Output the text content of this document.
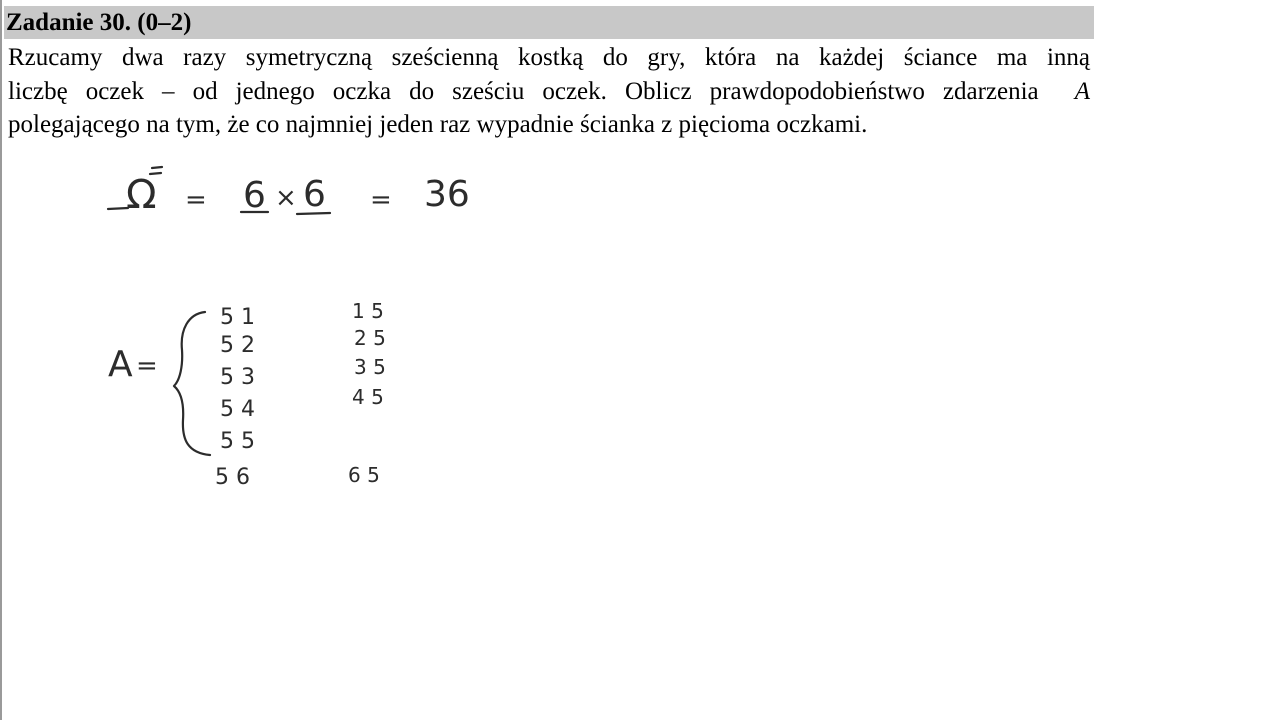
Zadanie 30. (0–2)

Rzucamy dwa razy symetryczną sześcienną kostką do gry, która na każdej ściance ma inną
liczbę oczek – od jednego oczka do sześciu oczek. Oblicz prawdopodobieństwo zdarzenia A
polegającego na tym, że co najmniej jeden raz wypadnie ścianka z pięcioma oczkami.

Ω = 6 × 6 = 36
A =
5 1
5 2
5 3
5 4
5 5
5 6
1 5
2 5
3 5
4 5
6 5
